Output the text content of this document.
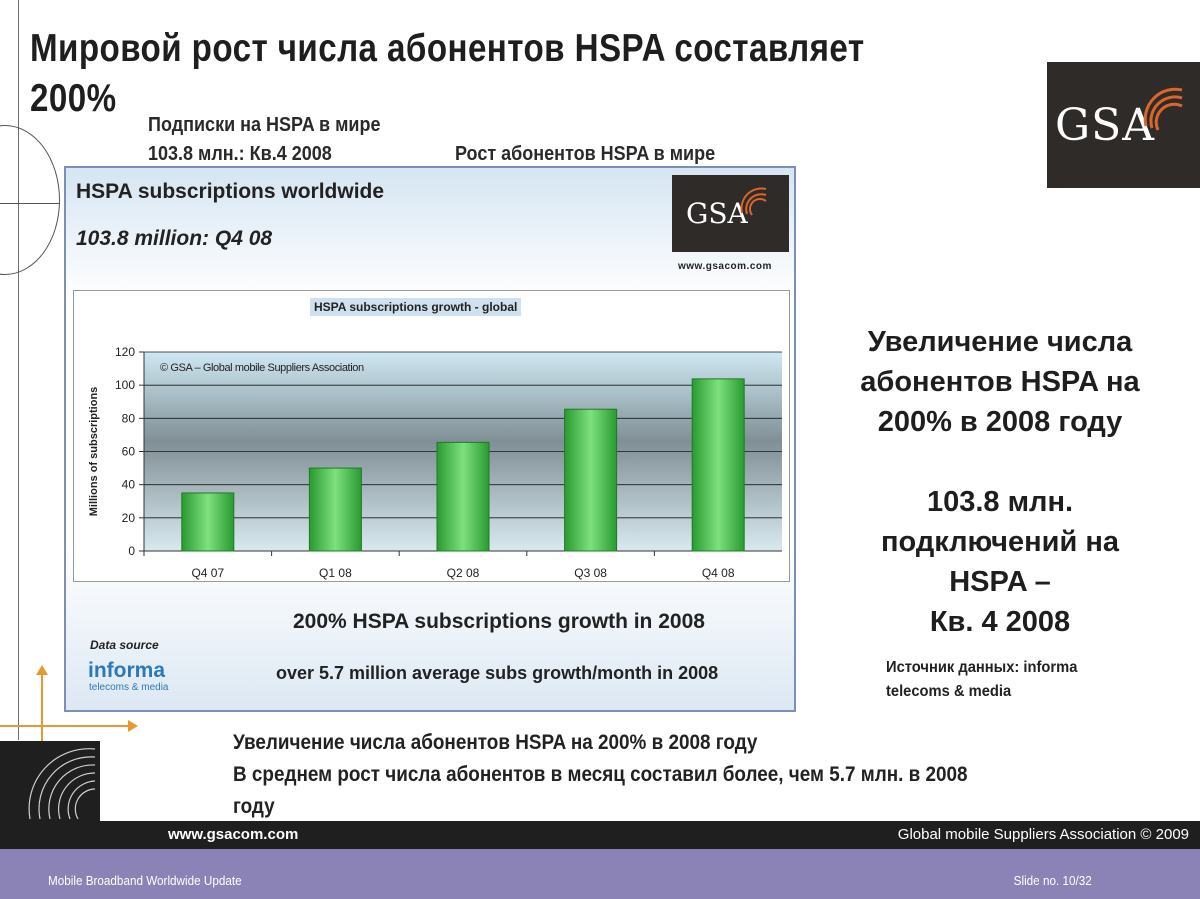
Мировой рост числа абонентов HSPA составляет
200%
GSA
Подписки на HSPA в мире
103.8 млн.: Кв.4 2008	Рост абонентов HSPA в мире
HSPA subscriptions worldwide
103.8 million: Q4 08
GSA
www.gsacom.com
0
20
40
60
80
100
120
Q4 07	Q1 08	Q2 08	Q3 08	Q4 08
© GSA – Global mobile Suppliers Association
Millions of subscriptions
HSPA subscriptions growth - global
200% HSPA subscriptions growth in 2008
Data source
informa
telecoms & media
over 5.7 million average subs growth/month in 2008
Увеличение числа
абонентов HSPA на
200% в 2008 году
103.8 млн.
подключений на
HSPA –
Кв. 4 2008
Источник данных: informa
telecoms & media
Увеличение числа абонентов HSPA на 200% в 2008 году
В среднем рост числа абонентов в месяц составил более, чем 5.7 млн. в 2008
году
www.gsacom.com	Global mobile Suppliers Association © 2009
Mobile Broadband Worldwide Update	Slide no. 10/32
